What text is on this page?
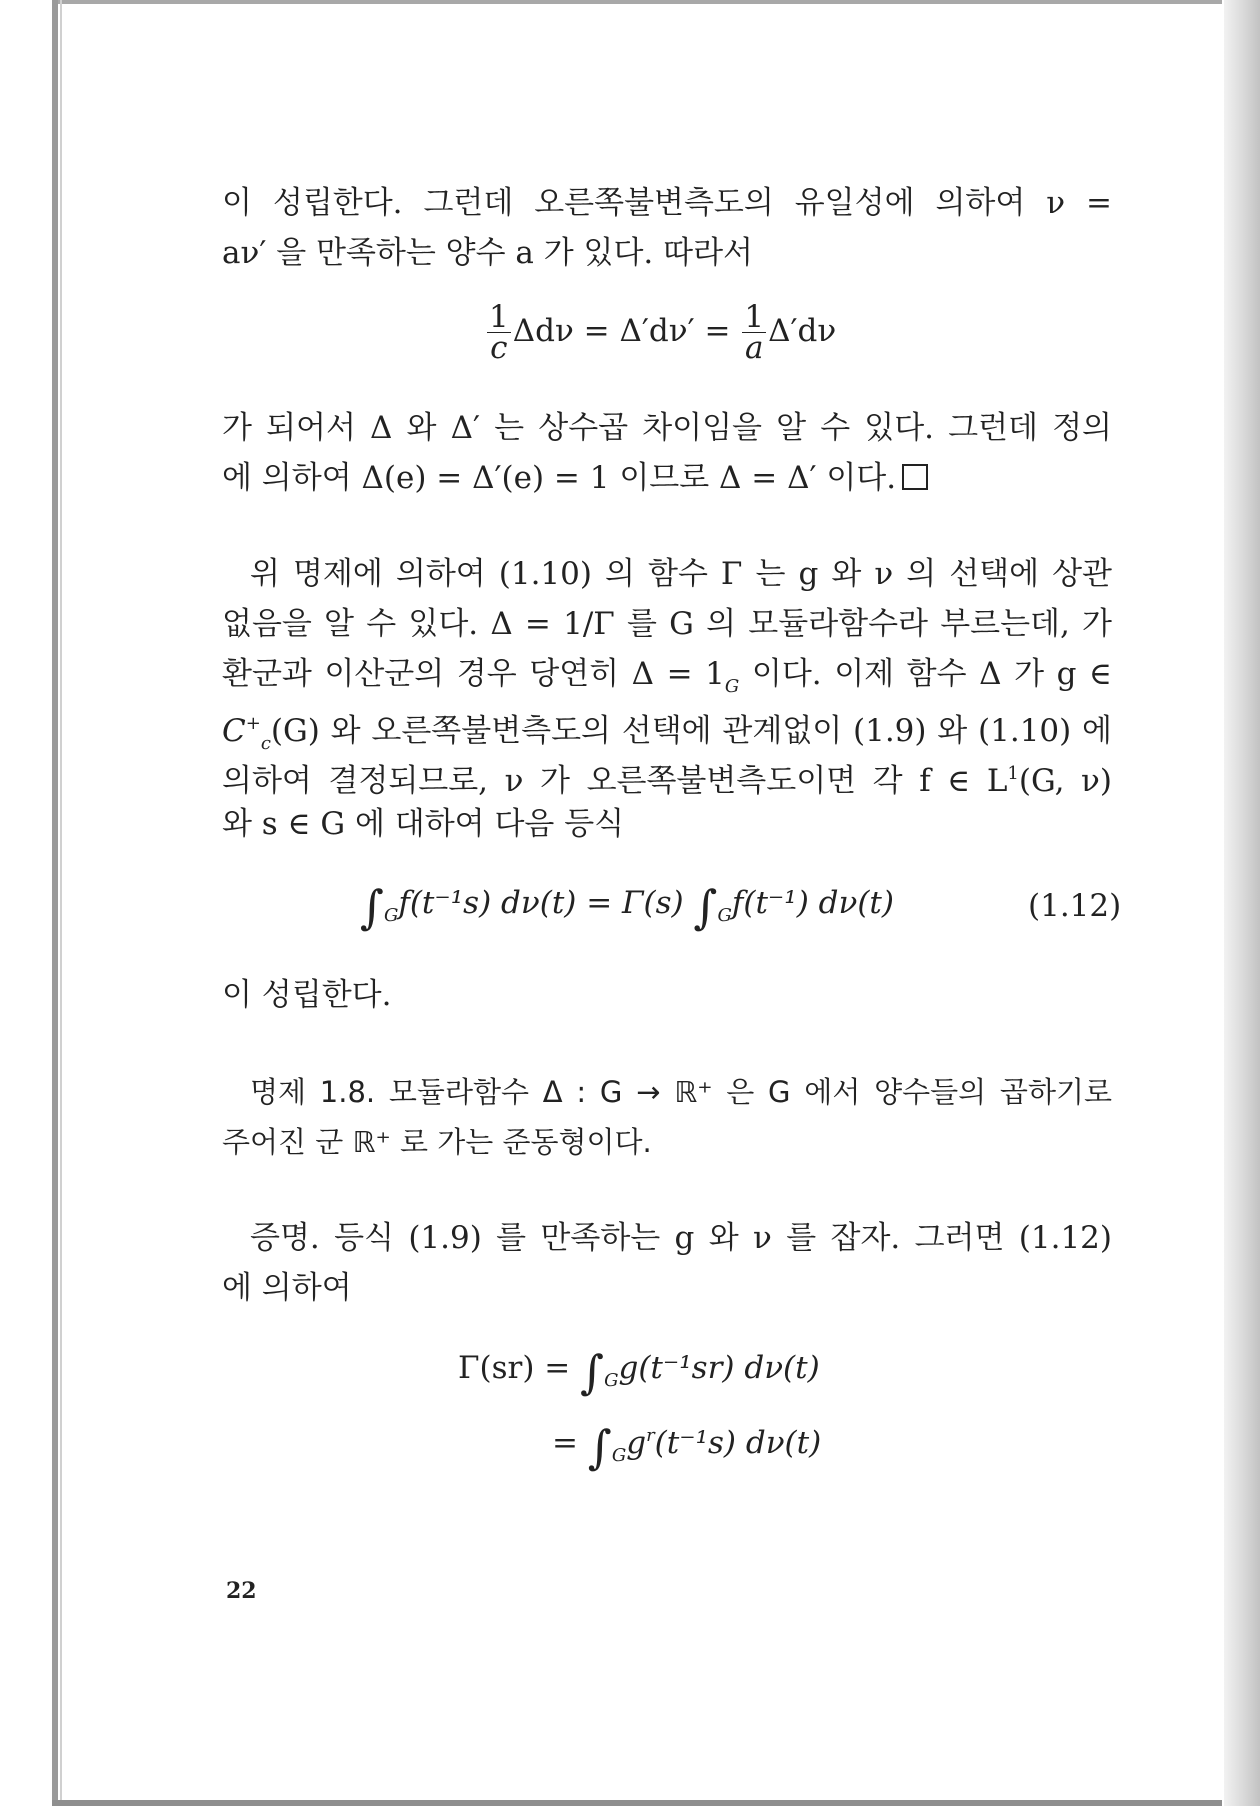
이 성립한다. 그런데 오른쪽불변측도의 유일성에 의하여 ν =
aν′ 을 만족하는 양수 a 가 있다. 따라서
$\frac{1}{c}$ $\Delta d\nu = \Delta'd\nu' = \frac{1}{a} \Delta'd\nu$
가 되어서 Δ 와 Δ′ 는 상수곱 차이임을 알 수 있다. 그런데 정의
에 의하여 Δ(e) = Δ′(e) = 1 이므로 Δ = Δ′ 이다.
위 명제에 의하여 (1.10) 의 함수 Γ 는 g 와 ν 의 선택에 상관
없음을 알 수 있다. Δ = 1/Γ 를 G 의 모듈라함수라 부르는데, 가
환군과 이산군의 경우 당연히 $\Delta = 1_G$ 이다. 이제 함수 Δ 가 g ∈
$C^+_c(G)$ 와 오른쪽불변측도의 선택에 관계없이 (1.9) 와 (1.10) 에
의하여 결정되므로, ν 가 오른쪽불변측도이면 각 f ∈ $L^1(G$, ν)
와 s ∈ G 에 대하여 다음 등식
$\int_Gf(t^{-1}s) d\nu(t) = \Gamma(s)$ $\int_Gf(t^{-1})$ dν(t)	(1.12)
이 성립한다.
명제 1.8. 모듈라함수 Δ : G → ℝ⁺ 은 G 에서 양수들의 곱하기로
주어진 군 ℝ⁺ 로 가는 준동형이다.
증명. 등식 (1.9) 를 만족하는 g 와 ν 를 잡자. 그러면 (1.12)
에 의하여
$\Gamma(sr) = \int_Gg(t^{-1}sr)$ dν(t)
= $\int_Gg^r(t^{-1}s)$ dν(t)
22
